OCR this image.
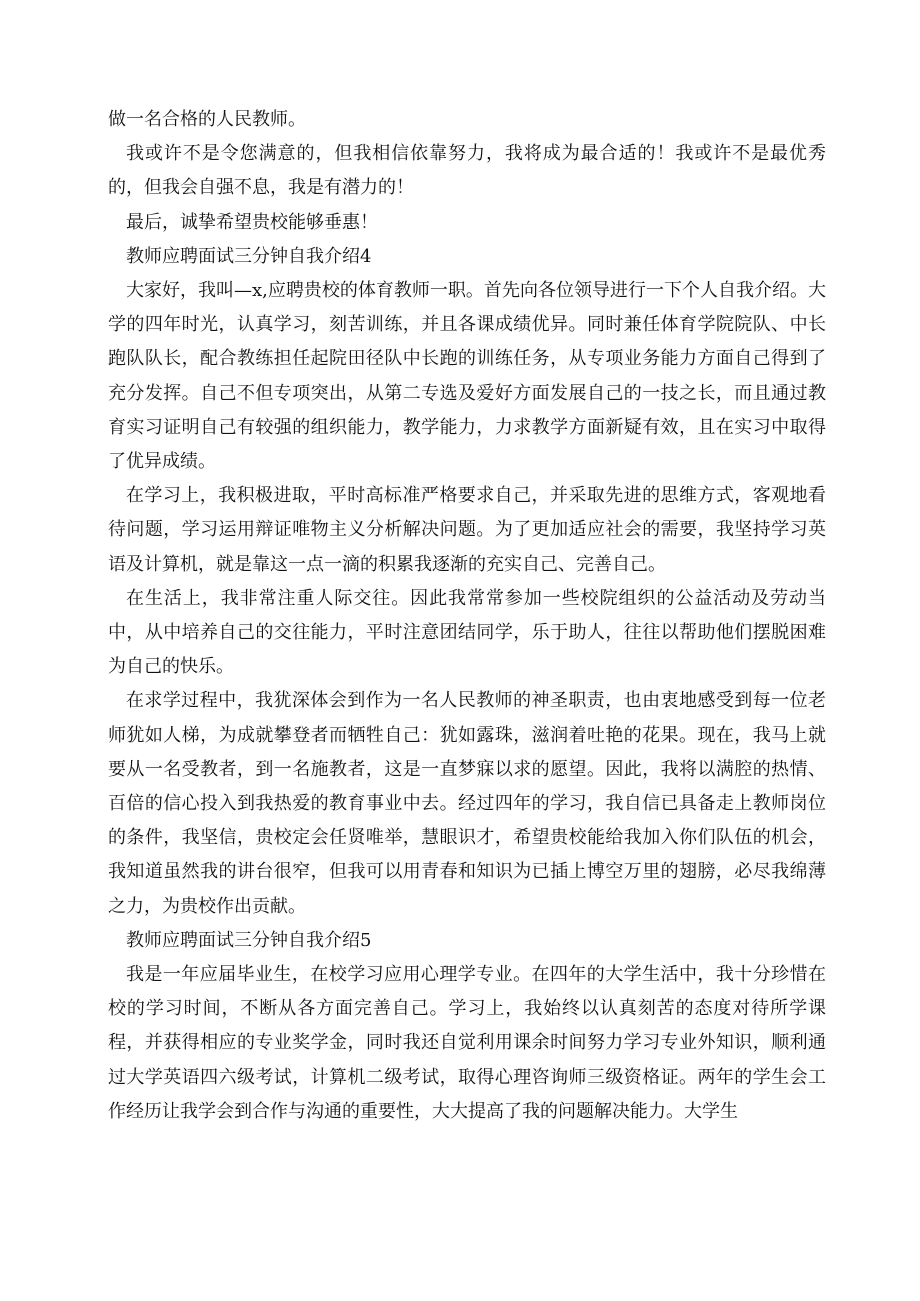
做一名合格的人民教师。

我或许不是令您满意的，但我相信依靠努力，我将成为最合适的！我或许不是最优秀的，但我会自强不息，我是有潜力的！

最后，诚挚希望贵校能够垂惠！

教师应聘面试三分钟自我介绍4

大家好，我叫—x,应聘贵校的体育教师一职。首先向各位领导进行一下个人自我介绍。大学的四年时光，认真学习，刻苦训练，并且各课成绩优异。同时兼任体育学院院队、中长跑队队长，配合教练担任起院田径队中长跑的训练任务，从专项业务能力方面自己得到了充分发挥。自己不但专项突出，从第二专选及爱好方面发展自己的一技之长，而且通过教育实习证明自己有较强的组织能力，教学能力，力求教学方面新疑有效，且在实习中取得了优异成绩。

在学习上，我积极进取，平时高标准严格要求自己，并采取先进的思维方式，客观地看待问题，学习运用辩证唯物主义分析解决问题。为了更加适应社会的需要，我坚持学习英语及计算机，就是靠这一点一滴的积累我逐渐的充实自己、完善自己。

在生活上，我非常注重人际交往。因此我常常参加一些校院组织的公益活动及劳动当中，从中培养自己的交往能力，平时注意团结同学，乐于助人，往往以帮助他们摆脱困难为自己的快乐。

在求学过程中，我犹深体会到作为一名人民教师的神圣职责，也由衷地感受到每一位老师犹如人梯，为成就攀登者而牺牲自己：犹如露珠，滋润着吐艳的花果。现在，我马上就要从一名受教者，到一名施教者，这是一直梦寐以求的愿望。因此，我将以满腔的热情、百倍的信心投入到我热爱的教育事业中去。经过四年的学习，我自信已具备走上教师岗位的条件，我坚信，贵校定会任贤唯举，慧眼识才，希望贵校能给我加入你们队伍的机会，我知道虽然我的讲台很窄，但我可以用青春和知识为已插上博空万里的翅膀，必尽我绵薄之力，为贵校作出贡献。

教师应聘面试三分钟自我介绍5

我是一年应届毕业生，在校学习应用心理学专业。在四年的大学生活中，我十分珍惜在校的学习时间，不断从各方面完善自己。学习上，我始终以认真刻苦的态度对待所学课程，并获得相应的专业奖学金，同时我还自觉利用课余时间努力学习专业外知识，顺利通过大学英语四六级考试，计算机二级考试，取得心理咨询师三级资格证。两年的学生会工作经历让我学会到合作与沟通的重要性，大大提高了我的问题解决能力。大学生
